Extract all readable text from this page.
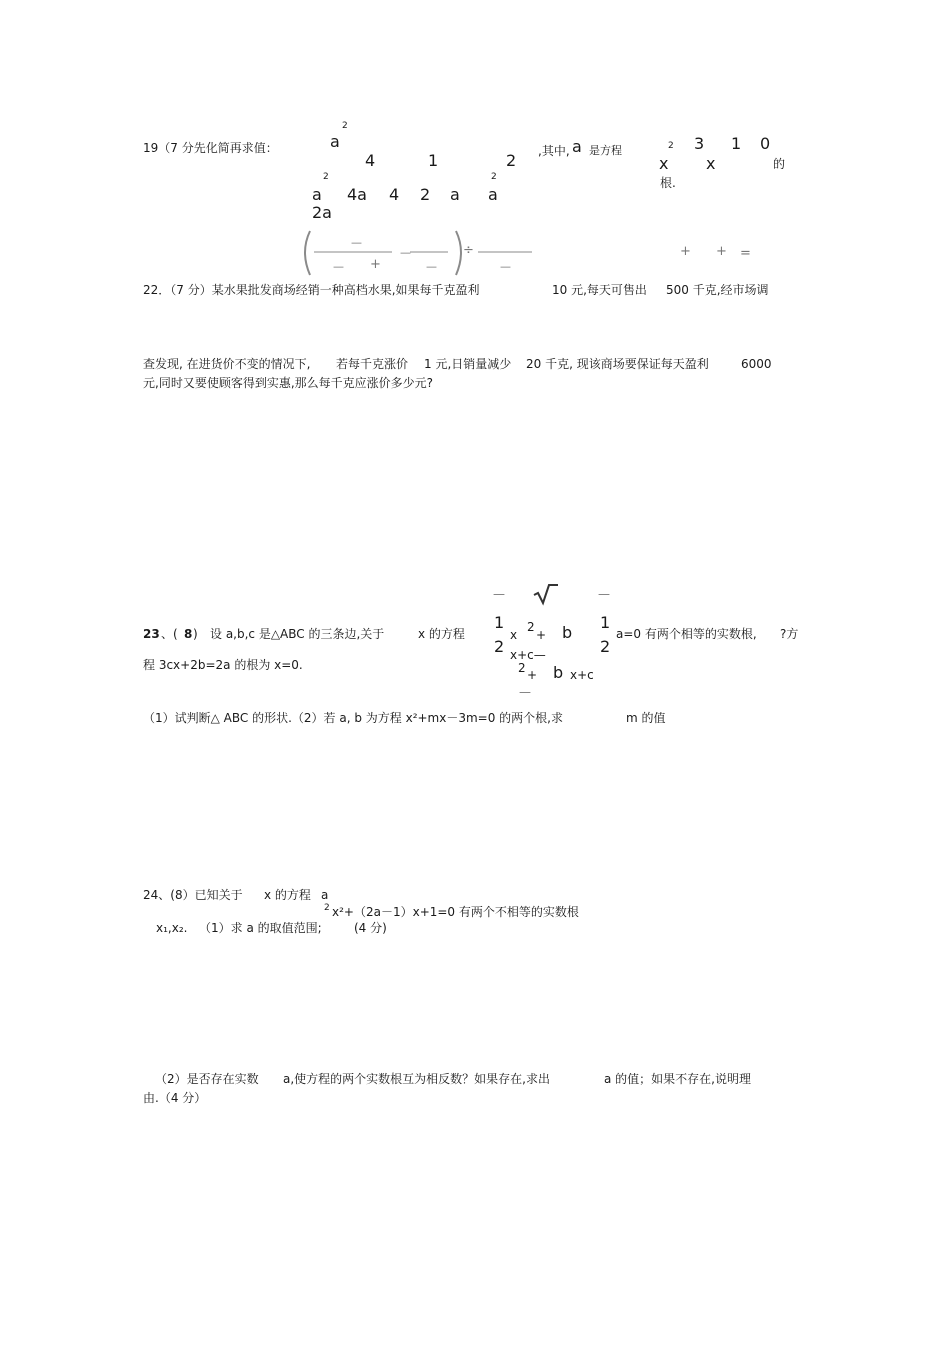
19（7 分先化简再求值：	a
2
4	1	2
2
a 4a 4 2 a
2
a
2a
,其中, a 是方程	2 3 1 0
x x	的
根.
—
— +
—
—
÷
—
+ + =
22．（7 分）某水果批发商场经销一种高档水果,如果每千克盈利	10 元,每天可售出 500 千克,经市场调
查发现, 在进货价不变的情况下, 若每千克涨价 1 元,日销量减少 20 千克, 现该商场要保证每天盈利	6000
元,同时又要使顾客得到实惠,那么每千克应涨价多少元?
—	—
23 、( 8 ) 设 a,b,c 是△ABC 的三条边,关于	x 的方程
1
2
x
2
+ b
1
2
a=0 有两个相等的实数根, ?方
x+c—
程 3cx+2b=2a 的根为 x=0.	2 + b x+c
—
（1）试判断△ ABC 的形状.（2）若 a, b 为方程 x²+mx－3m=0 的两个根,求	m 的值
24、(8）已知关于 x 的方程 a
2 x²+（2a－1）x+1=0 有两个不相等的实数根
x₁,x₂. （1）求 a 的取值范围;	(4 分)
（2）是否存在实数 a,使方程的两个实数根互为相反数？如果存在,求出	a 的值；如果不存在,说明理
由.（4 分）
